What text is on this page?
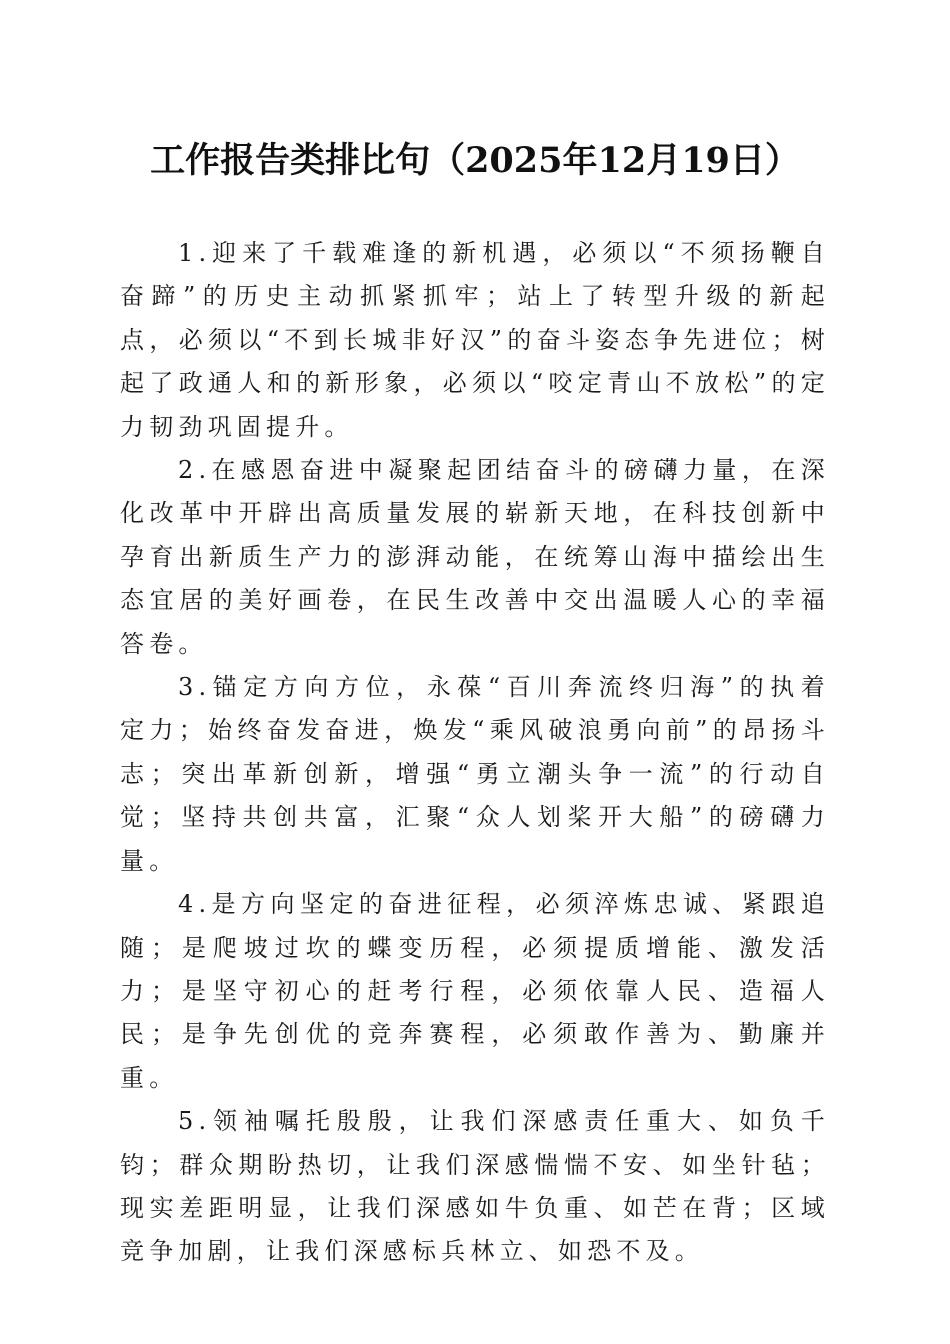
工作报告类排比句（2025年12月19日）

1.迎来了千载难逢的新机遇，必须以“不须扬鞭自奋蹄”的历史主动抓紧抓牢；站上了转型升级的新起点，必须以“不到长城非好汉”的奋斗姿态争先进位；树起了政通人和的新形象，必须以“咬定青山不放松”的定力韧劲巩固提升。

2.在感恩奋进中凝聚起团结奋斗的磅礴力量，在深化改革中开辟出高质量发展的崭新天地，在科技创新中孕育出新质生产力的澎湃动能，在统筹山海中描绘出生态宜居的美好画卷，在民生改善中交出温暖人心的幸福答卷。

3.锚定方向方位，永葆“百川奔流终归海”的执着定力；始终奋发奋进，焕发“乘风破浪勇向前”的昂扬斗志；突出革新创新，增强“勇立潮头争一流”的行动自觉；坚持共创共富，汇聚“众人划桨开大船”的磅礴力量。

4.是方向坚定的奋进征程，必须淬炼忠诚、紧跟追随；是爬坡过坎的蝶变历程，必须提质增能、激发活力；是坚守初心的赶考行程，必须依靠人民、造福人民；是争先创优的竞奔赛程，必须敢作善为、勤廉并重。

5.领袖嘱托殷殷，让我们深感责任重大、如负千钧；群众期盼热切，让我们深感惴惴不安、如坐针毡；现实差距明显，让我们深感如牛负重、如芒在背；区域竞争加剧，让我们深感标兵林立、如恐不及。
